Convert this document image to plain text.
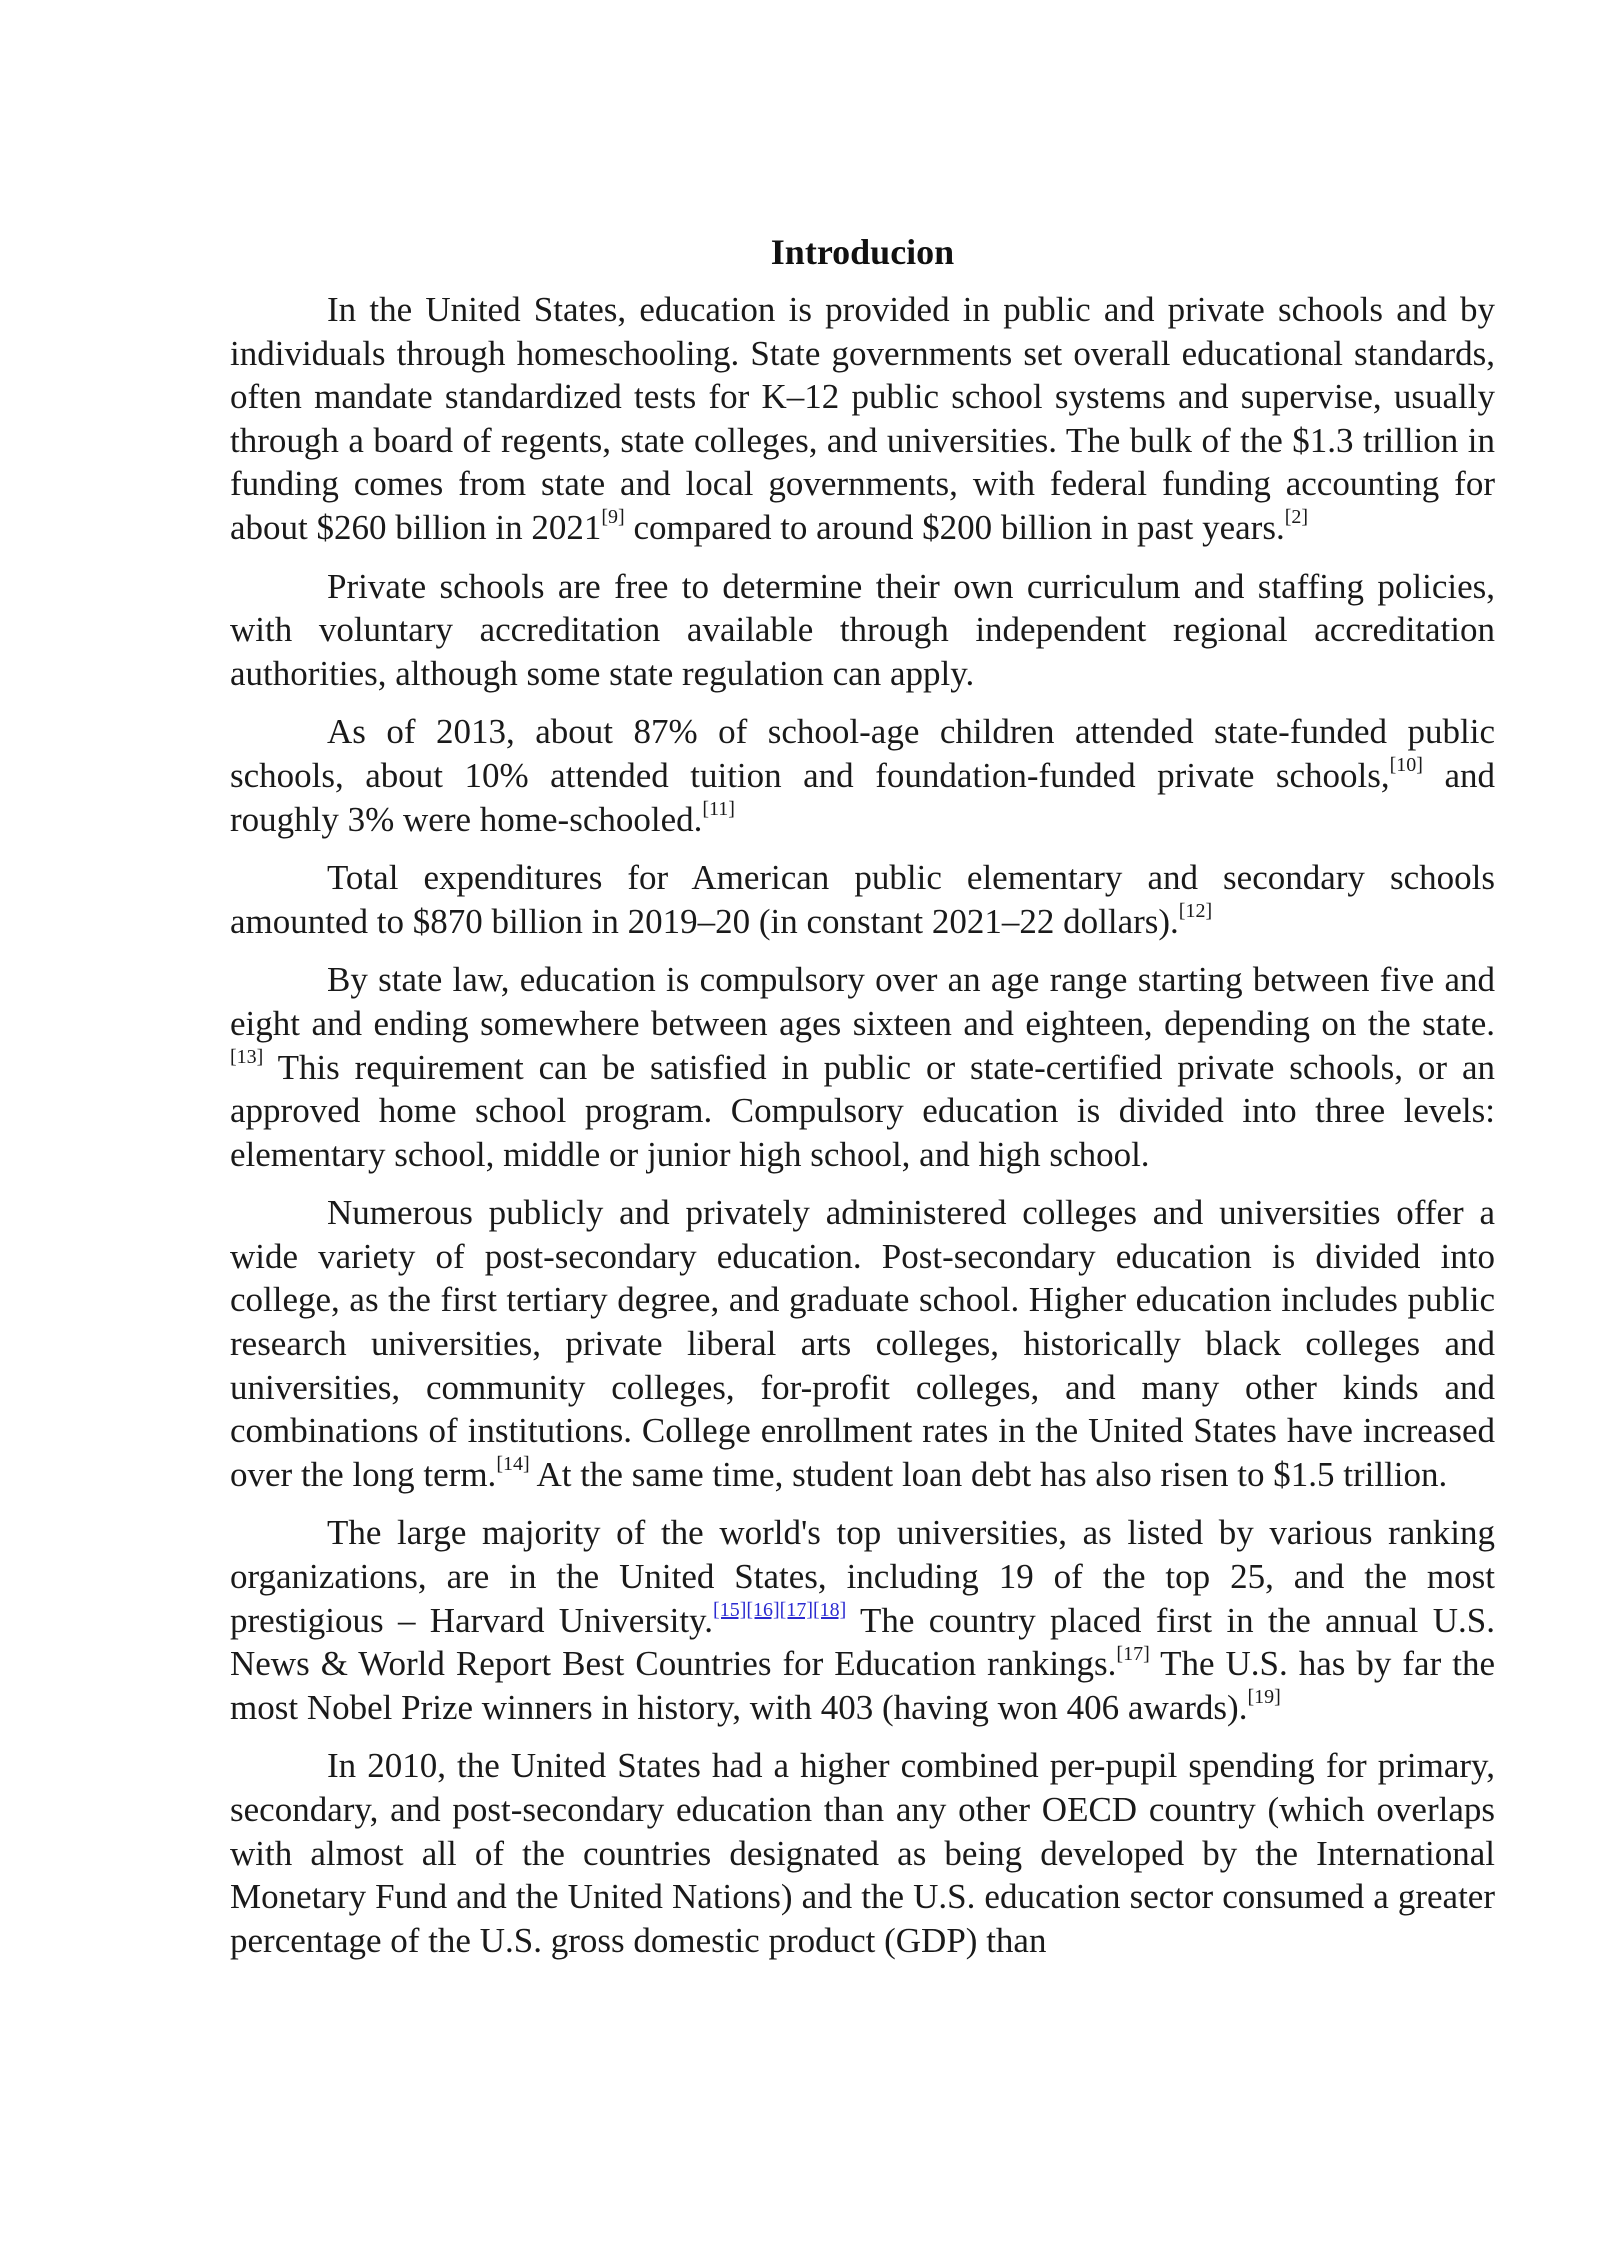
Introducion

In the United States, education is provided in public and private schools and by individuals through homeschooling. State governments set overall educational standards, often mandate standardized tests for K–12 public school systems and supervise, usually through a board of regents, state colleges, and universities. The bulk of the $1.3 trillion in funding comes from state and local governments, with federal funding accounting for about $260 billion in 2021[9] compared to around $200 billion in past years.[2]

Private schools are free to determine their own curriculum and staffing policies, with voluntary accreditation available through independent regional accreditation authorities, although some state regulation can apply.

As of 2013, about 87% of school-age children attended state-funded public schools, about 10% attended tuition and foundation-funded private schools,[10] and roughly 3% were home-schooled.[11]

Total expenditures for American public elementary and secondary schools amounted to $870 billion in 2019–20 (in constant 2021–22 dollars).[12]

By state law, education is compulsory over an age range starting between five and eight and ending somewhere between ages sixteen and eighteen, depending on the state.[13] This requirement can be satisfied in public or state-certified private schools, or an approved home school program. Compulsory education is divided into three levels: elementary school, middle or junior high school, and high school.

Numerous publicly and privately administered colleges and universities offer a wide variety of post-secondary education. Post-secondary education is divided into college, as the first tertiary degree, and graduate school. Higher education includes public research universities, private liberal arts colleges, historically black colleges and universities, community colleges, for-profit colleges, and many other kinds and combinations of institutions. College enrollment rates in the United States have increased over the long term.[14] At the same time, student loan debt has also risen to $1.5 trillion.

The large majority of the world's top universities, as listed by various ranking organizations, are in the United States, including 19 of the top 25, and the most prestigious – Harvard University.[15][16][17][18] The country placed first in the annual U.S. News & World Report Best Countries for Education rankings.[17] The U.S. has by far the most Nobel Prize winners in history, with 403 (having won 406 awards).[19]

In 2010, the United States had a higher combined per-pupil spending for primary, secondary, and post-secondary education than any other OECD country (which overlaps with almost all of the countries designated as being developed by the International Monetary Fund and the United Nations) and the U.S. education sector consumed a greater percentage of the U.S. gross domestic product (GDP) than
